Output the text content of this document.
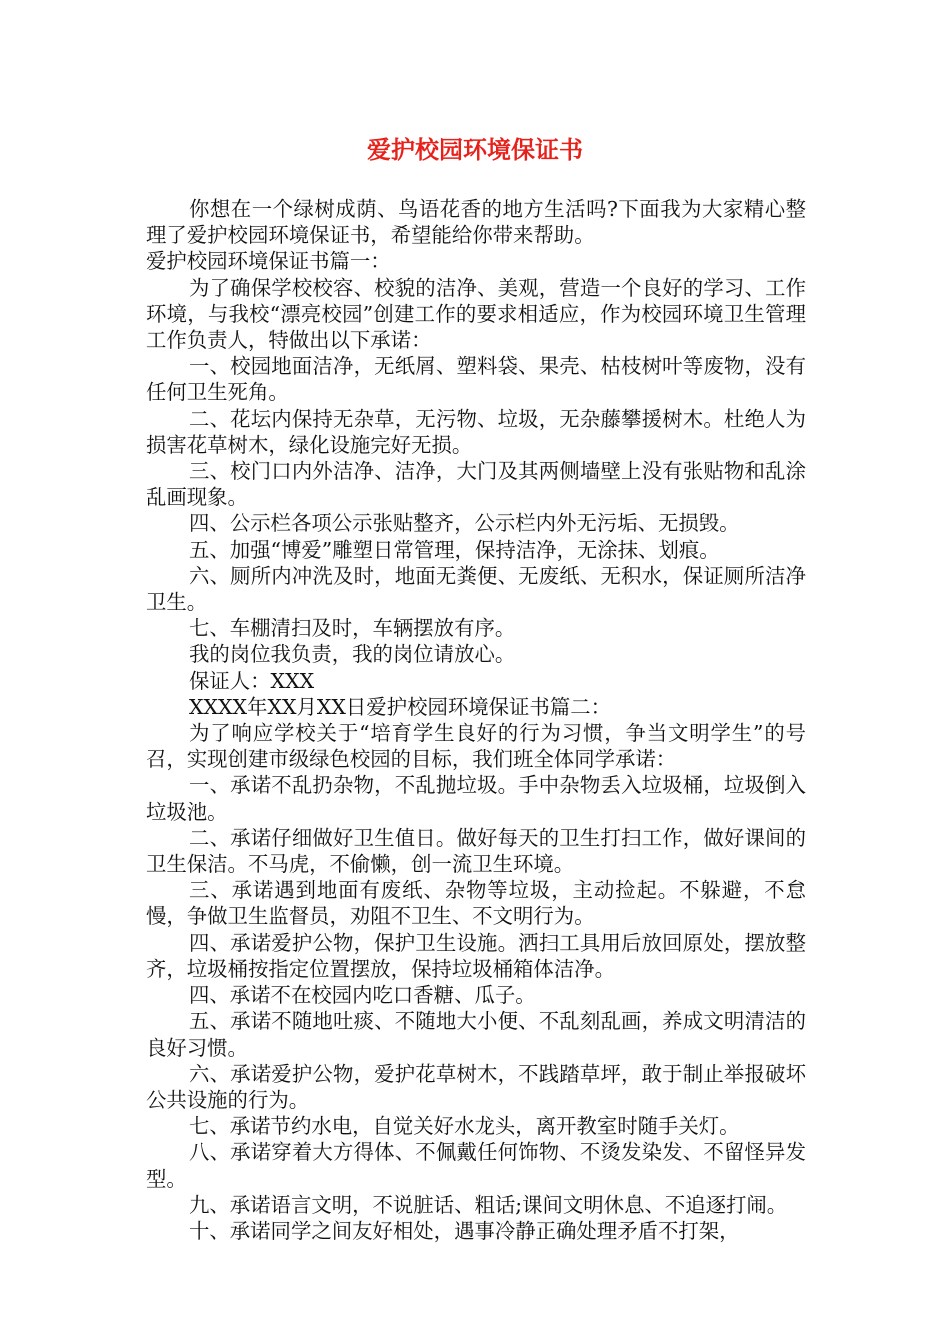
爱护校园环境保证书

你想在一个绿树成荫、鸟语花香的地方生活吗?下面我为大家精心整理了爱护校园环境保证书，希望能给你带来帮助。

爱护校园环境保证书篇一：

为了确保学校校容、校貌的洁净、美观，营造一个良好的学习、工作环境，与我校“漂亮校园”创建工作的要求相适应，作为校园环境卫生管理工作负责人，特做出以下承诺：

一、校园地面洁净，无纸屑、塑料袋、果壳、枯枝树叶等废物，没有任何卫生死角。

二、花坛内保持无杂草，无污物、垃圾，无杂藤攀援树木。杜绝人为损害花草树木，绿化设施完好无损。

三、校门口内外洁净、洁净，大门及其两侧墙壁上没有张贴物和乱涂乱画现象。

四、公示栏各项公示张贴整齐，公示栏内外无污垢、无损毁。

五、加强“博爱”雕塑日常管理，保持洁净，无涂抹、划痕。

六、厕所内冲洗及时，地面无粪便、无废纸、无积水，保证厕所洁净卫生。

七、车棚清扫及时，车辆摆放有序。

我的岗位我负责，我的岗位请放心。

保证人：XXX

XXXX年XX月XX日爱护校园环境保证书篇二：

为了响应学校关于“培育学生良好的行为习惯，争当文明学生”的号召，实现创建市级绿色校园的目标，我们班全体同学承诺：

一、承诺不乱扔杂物，不乱抛垃圾。手中杂物丢入垃圾桶，垃圾倒入垃圾池。

二、承诺仔细做好卫生值日。做好每天的卫生打扫工作，做好课间的卫生保洁。不马虎，不偷懒，创一流卫生环境。

三、承诺遇到地面有废纸、杂物等垃圾，主动捡起。不躲避，不怠慢，争做卫生监督员，劝阻不卫生、不文明行为。

四、承诺爱护公物，保护卫生设施。洒扫工具用后放回原处，摆放整齐，垃圾桶按指定位置摆放，保持垃圾桶箱体洁净。

四、承诺不在校园内吃口香糖、瓜子。

五、承诺不随地吐痰、不随地大小便、不乱刻乱画，养成文明清洁的良好习惯。

六、承诺爱护公物，爱护花草树木，不践踏草坪，敢于制止举报破坏公共设施的行为。

七、承诺节约水电，自觉关好水龙头，离开教室时随手关灯。

八、承诺穿着大方得体、不佩戴任何饰物、不烫发染发、不留怪异发型。

九、承诺语言文明，不说脏话、粗话;课间文明休息、不追逐打闹。

十、承诺同学之间友好相处，遇事冷静正确处理矛盾不打架，
